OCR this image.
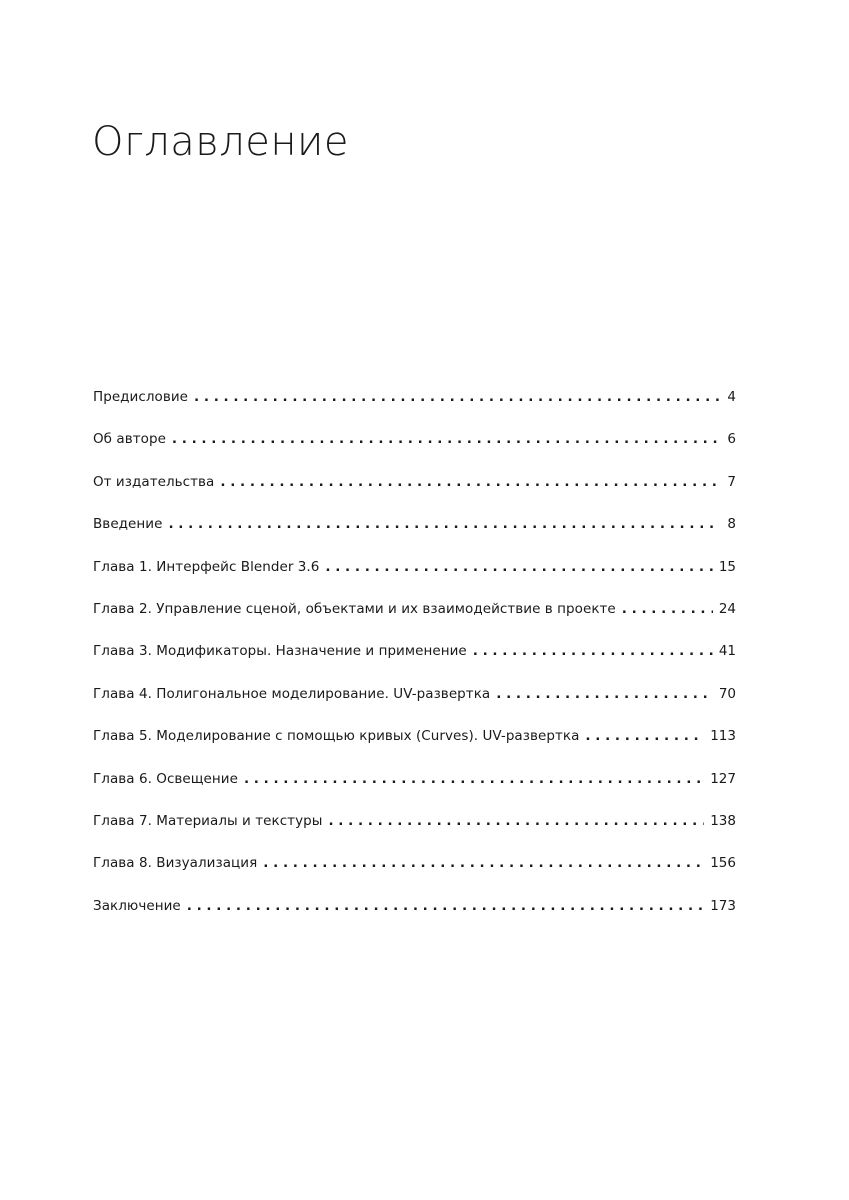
Оглавление
Предисловие . . .	4
Об авторе . . .	6
От издательства . . .	7
Введение . . .	8
Глава 1. Интерфейс Blender 3.6 . . .	15
Глава 2. Управление сценой, объектами и их взаимодействие в проекте . . .	24
Глава 3. Модификаторы. Назначение и применение . . .	41
Глава 4. Полигональное моделирование. UV-развертка . . .	70
Глава 5. Моделирование с помощью кривых (Curves). UV-развертка . . .	113
Глава 6. Освещение . . .	127
Глава 7. Материалы и текстуры . . .	138
Глава 8. Визуализация . . .	156
Заключение . . .	173
